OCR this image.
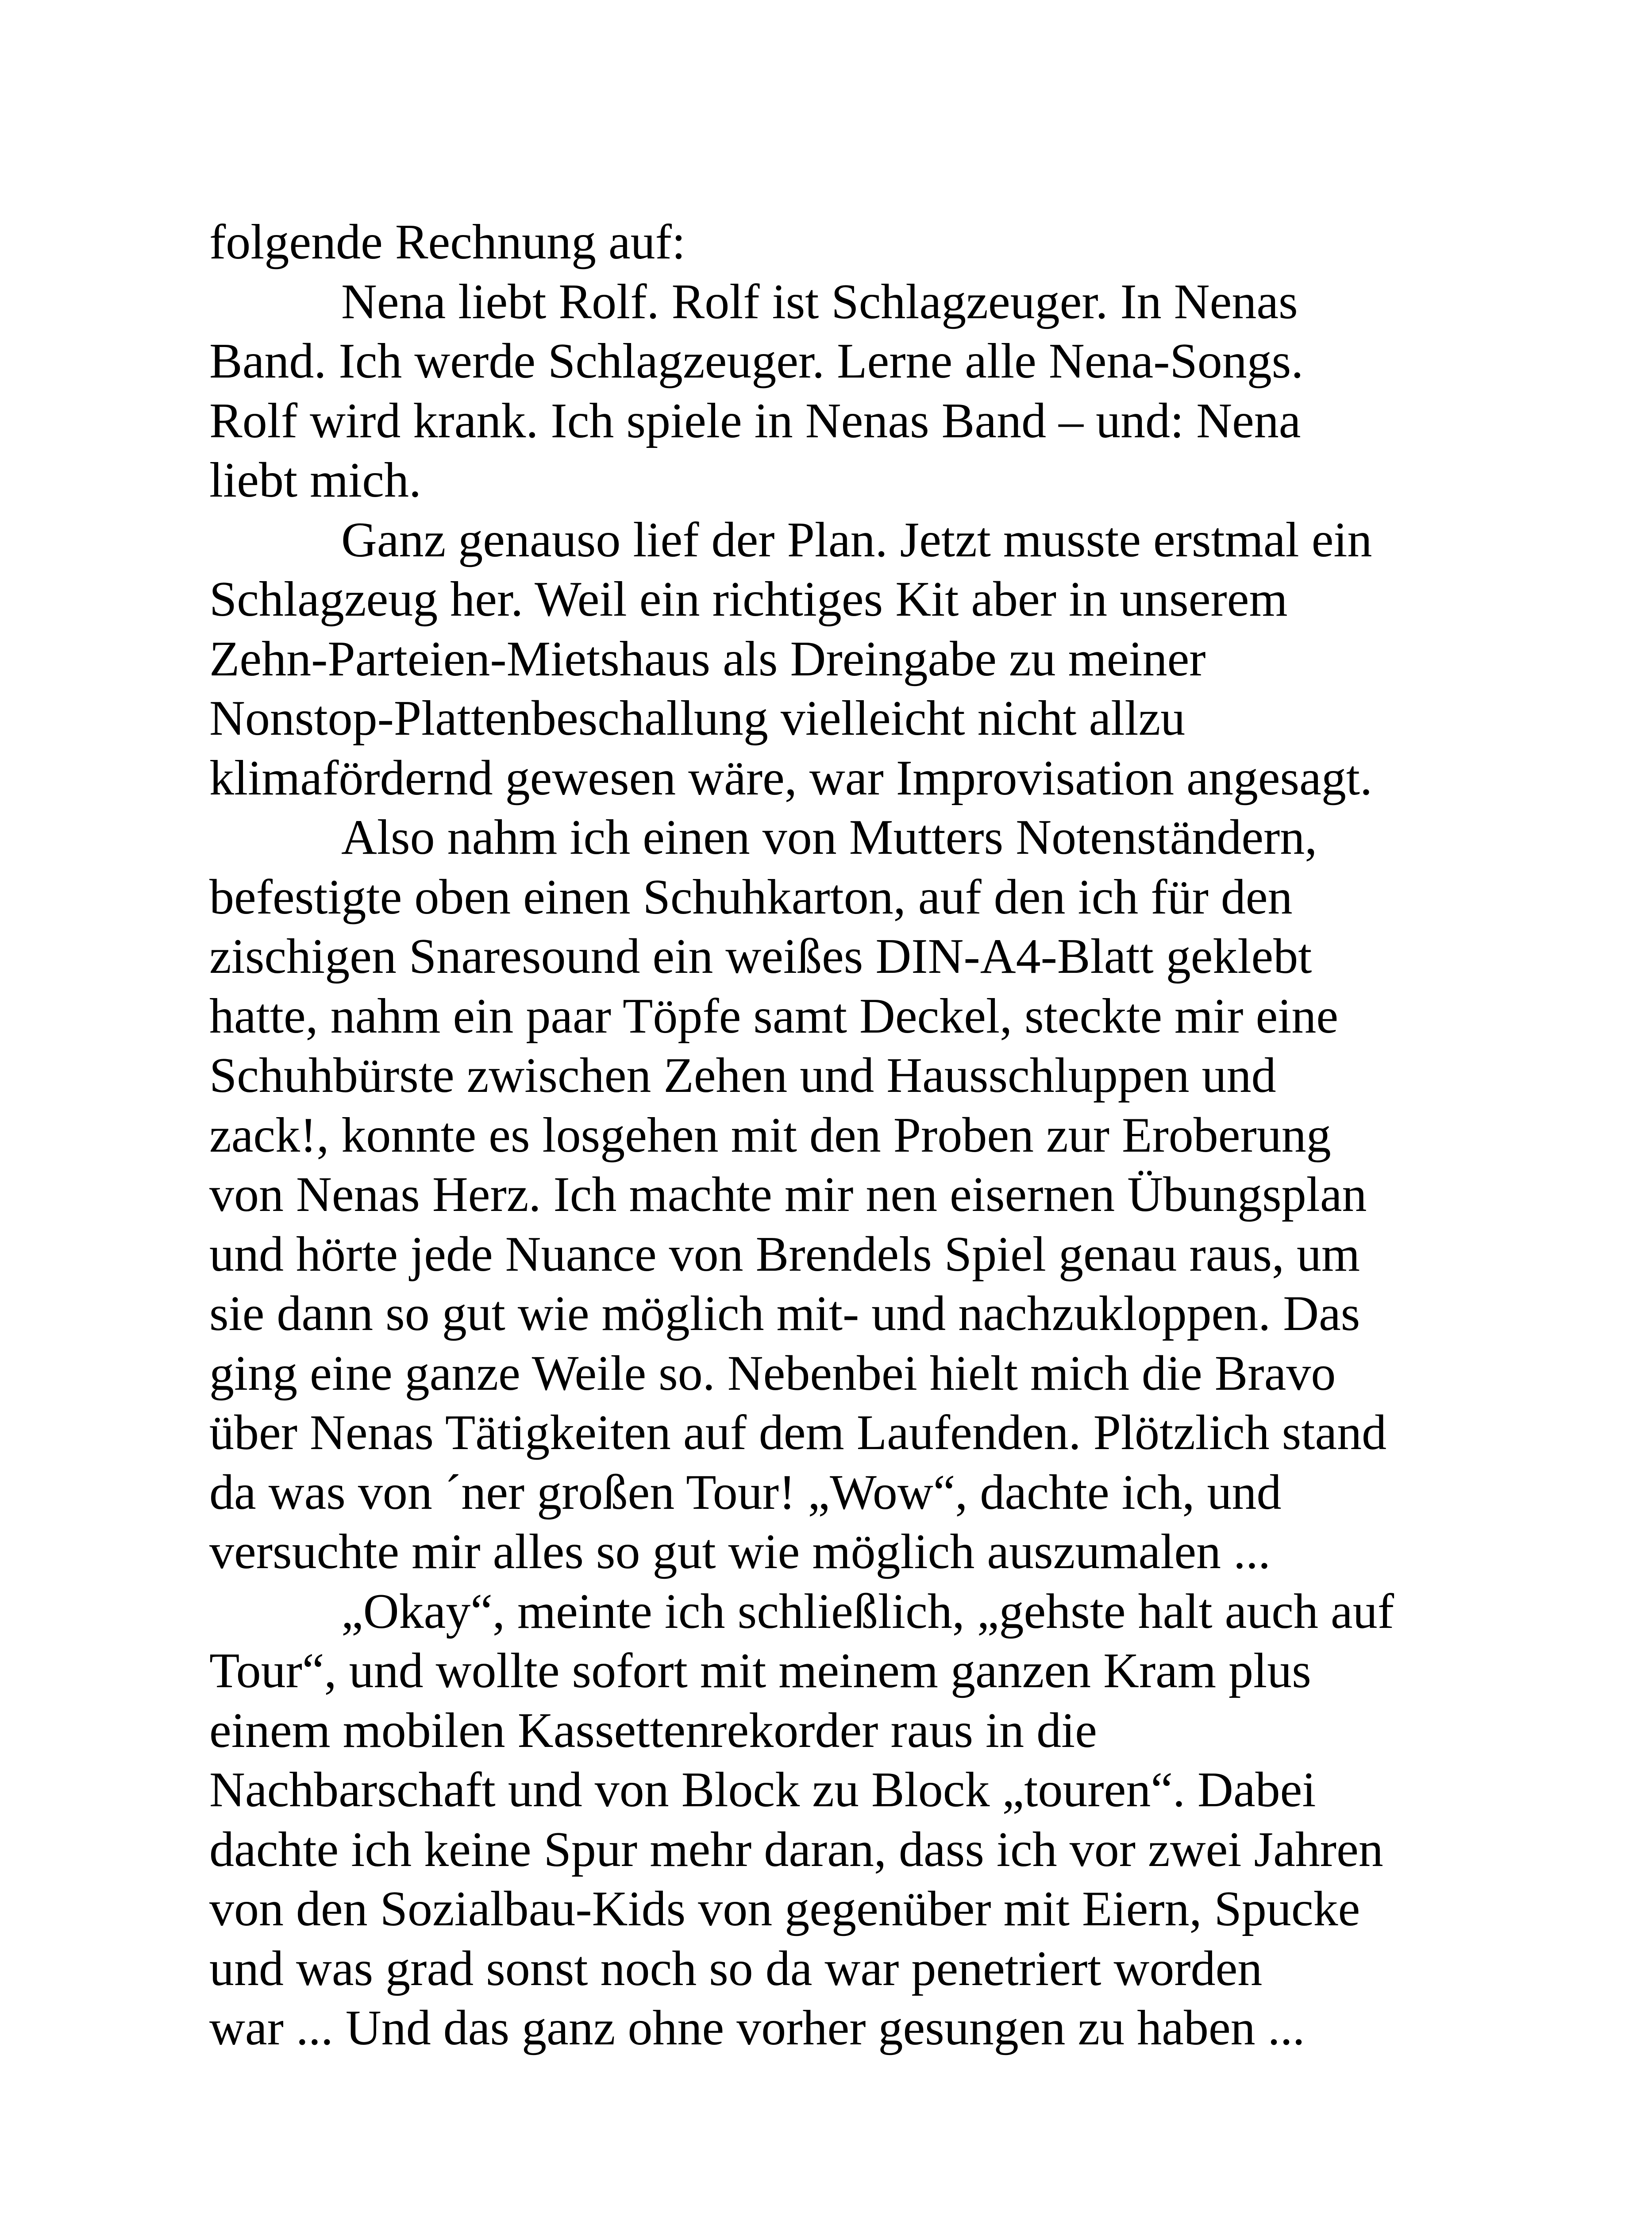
folgende Rechnung auf:
Nena liebt Rolf. Rolf ist Schlagzeuger. In Nenas
Band. Ich werde Schlagzeuger. Lerne alle Nena-Songs.
Rolf wird krank. Ich spiele in Nenas Band – und: Nena
liebt mich.
Ganz genauso lief der Plan. Jetzt musste erstmal ein
Schlagzeug her. Weil ein richtiges Kit aber in unserem
Zehn-Parteien-Mietshaus als Dreingabe zu meiner
Nonstop-Plattenbeschallung vielleicht nicht allzu
klimafördernd gewesen wäre, war Improvisation angesagt.
Also nahm ich einen von Mutters Notenständern,
befestigte oben einen Schuhkarton, auf den ich für den
zischigen Snaresound ein weißes DIN-A4-Blatt geklebt
hatte, nahm ein paar Töpfe samt Deckel, steckte mir eine
Schuhbürste zwischen Zehen und Hausschluppen und
zack!, konnte es losgehen mit den Proben zur Eroberung
von Nenas Herz. Ich machte mir nen eisernen Übungsplan
und hörte jede Nuance von Brendels Spiel genau raus, um
sie dann so gut wie möglich mit- und nachzukloppen. Das
ging eine ganze Weile so. Nebenbei hielt mich die Bravo
über Nenas Tätigkeiten auf dem Laufenden. Plötzlich stand
da was von ´ner großen Tour! „Wow“, dachte ich, und
versuchte mir alles so gut wie möglich auszumalen ...
„Okay“, meinte ich schließlich, „gehste halt auch auf
Tour“, und wollte sofort mit meinem ganzen Kram plus
einem mobilen Kassettenrekorder raus in die
Nachbarschaft und von Block zu Block „touren“. Dabei
dachte ich keine Spur mehr daran, dass ich vor zwei Jahren
von den Sozialbau-Kids von gegenüber mit Eiern, Spucke
und was grad sonst noch so da war penetriert worden
war ... Und das ganz ohne vorher gesungen zu haben ...
